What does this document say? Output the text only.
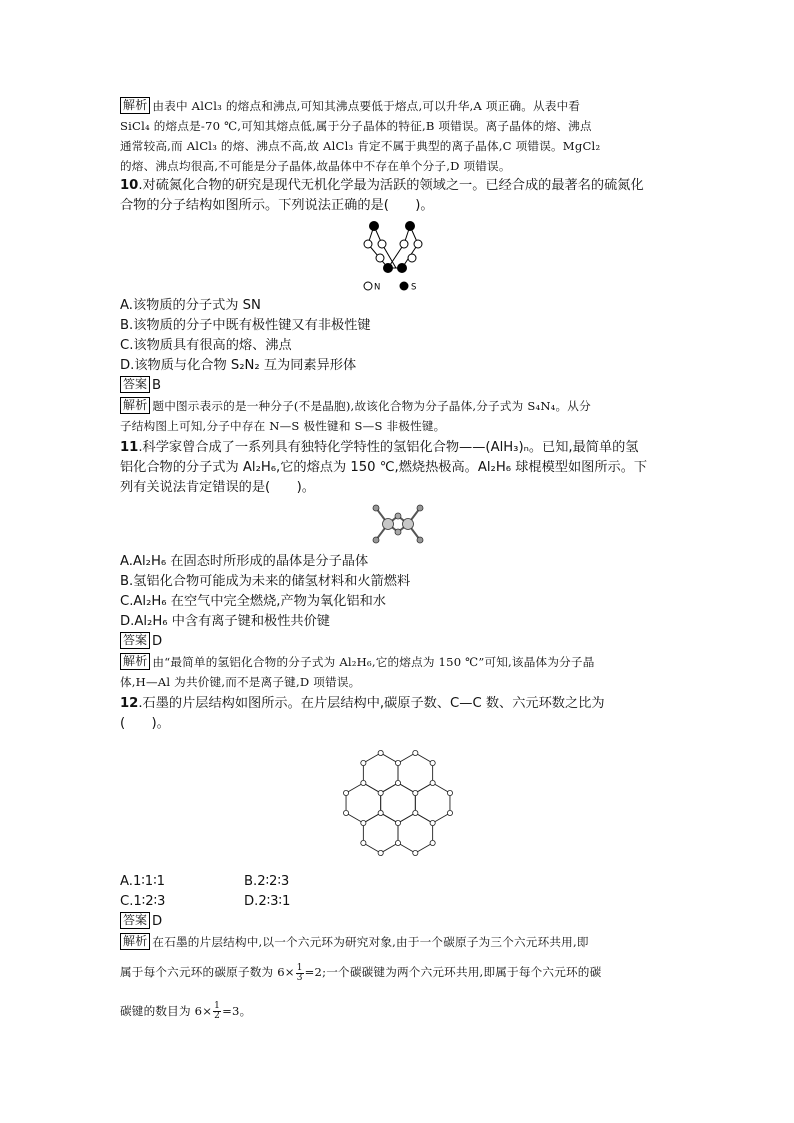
解析 由表中 AlCl₃ 的熔点和沸点,可知其沸点要低于熔点,可以升华,A 项正确。从表中看
SiCl₄ 的熔点是-70 ℃,可知其熔点低,属于分子晶体的特征,B 项错误。离子晶体的熔、沸点
通常较高,而 AlCl₃ 的熔、沸点不高,故 AlCl₃ 肯定不属于典型的离子晶体,C 项错误。MgCl₂
的熔、沸点均很高,不可能是分子晶体,故晶体中不存在单个分子,D 项错误。
10.对硫氮化合物的研究是现代无机化学最为活跃的领域之一。已经合成的最著名的硫氮化
合物的分子结构如图所示。下列说法正确的是(　　)。
N	S
A.该物质的分子式为 SN
B.该物质的分子中既有极性键又有非极性键
C.该物质具有很高的熔、沸点
D.该物质与化合物 S₂N₂ 互为同素异形体
答案 B
解析 题中图示表示的是一种分子(不是晶胞),故该化合物为分子晶体,分子式为 S₄N₄。从分
子结构图上可知,分子中存在 N—S 极性键和 S—S 非极性键。
11.科学家曾合成了一系列具有独特化学特性的氢铝化合物——(AlH₃)ₙ。已知,最简单的氢
铝化合物的分子式为 Al₂H₆,它的熔点为 150 ℃,燃烧热极高。Al₂H₆ 球棍模型如图所示。下
列有关说法肯定错误的是(　　)。
A.Al₂H₆ 在固态时所形成的晶体是分子晶体
B.氢铝化合物可能成为未来的储氢材料和火箭燃料
C.Al₂H₆ 在空气中完全燃烧,产物为氧化铝和水
D.Al₂H₆ 中含有离子键和极性共价键
答案 D
解析 由“最简单的氢铝化合物的分子式为 Al₂H₆,它的熔点为 150 ℃”可知,该晶体为分子晶
体,H—Al 为共价键,而不是离子键,D 项错误。
12.石墨的片层结构如图所示。在片层结构中,碳原子数、C—C 数、六元环数之比为
(　　)。
A.1∶1∶1	B.2∶2∶3
C.1∶2∶3	D.2∶3∶1
答案 D
解析 在石墨的片层结构中,以一个六元环为研究对象,由于一个碳原子为三个六元环共用,即
属于每个六元环的碳原子数为 $6\times \frac{1}{3} =2$;一个碳碳键为两个六元环共用,即属于每个六元环的碳
碳键的数目为 $6\times \frac{1}{2} =3$。
